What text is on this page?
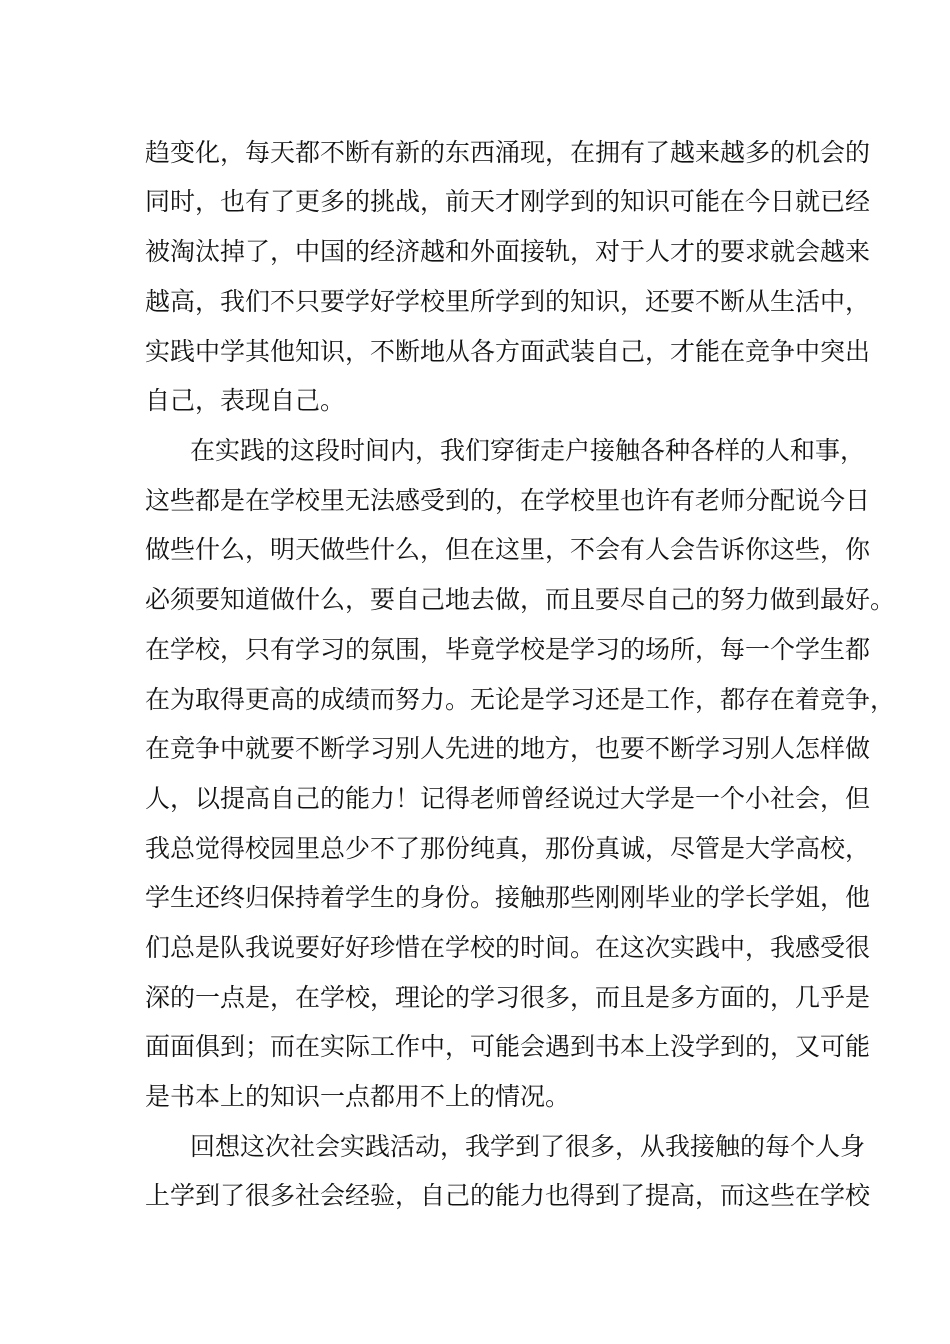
趋变化，每天都不断有新的东西涌现，在拥有了越来越多的机会的
同时，也有了更多的挑战，前天才刚学到的知识可能在今日就已经
被淘汰掉了，中国的经济越和外面接轨，对于人才的要求就会越来
越高，我们不只要学好学校里所学到的知识，还要不断从生活中，
实践中学其他知识，不断地从各方面武装自己，才能在竞争中突出
自己，表现自己。
在实践的这段时间内，我们穿街走户接触各种各样的人和事，
这些都是在学校里无法感受到的，在学校里也许有老师分配说今日
做些什么，明天做些什么，但在这里，不会有人会告诉你这些，你
必须要知道做什么，要自己地去做，而且要尽自己的努力做到最好。
在学校，只有学习的氛围，毕竟学校是学习的场所，每一个学生都
在为取得更高的成绩而努力。无论是学习还是工作，都存在着竞争，
在竞争中就要不断学习别人先进的地方，也要不断学习别人怎样做
人，以提高自己的能力！记得老师曾经说过大学是一个小社会，但
我总觉得校园里总少不了那份纯真，那份真诚，尽管是大学高校，
学生还终归保持着学生的身份。接触那些刚刚毕业的学长学姐，他
们总是队我说要好好珍惜在学校的时间。在这次实践中，我感受很
深的一点是，在学校，理论的学习很多，而且是多方面的，几乎是
面面俱到；而在实际工作中，可能会遇到书本上没学到的，又可能
是书本上的知识一点都用不上的情况。
回想这次社会实践活动，我学到了很多，从我接触的每个人身
上学到了很多社会经验，自己的能力也得到了提高，而这些在学校
